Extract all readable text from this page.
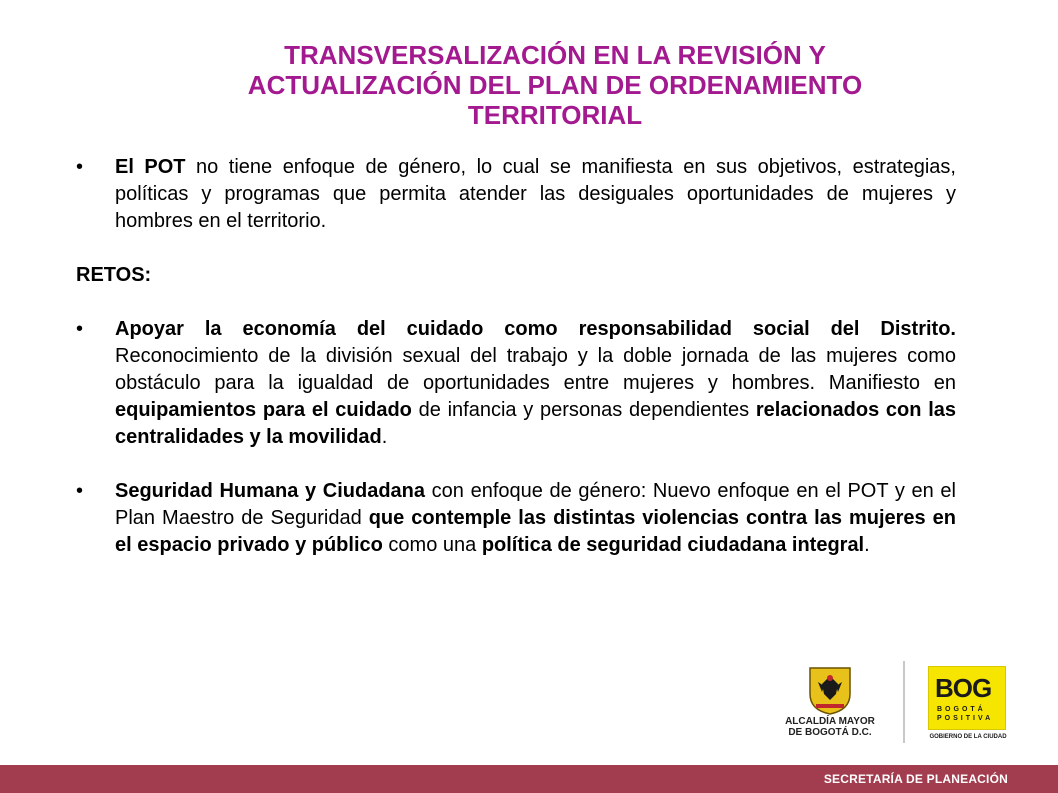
TRANSVERSALIZACIÓN EN LA REVISIÓN Y
ACTUALIZACIÓN DEL PLAN DE ORDENAMIENTO
TERRITORIAL
• El POT no tiene enfoque de género, lo cual se manifiesta en sus objetivos, estrategias, políticas y programas que permita atender las desiguales oportunidades de mujeres y hombres en el territorio.
RETOS:
• Apoyar la economía del cuidado como responsabilidad social del Distrito. Reconocimiento de la división sexual del trabajo y la doble jornada de las mujeres como obstáculo para la igualdad de oportunidades entre mujeres y hombres. Manifiesto en equipamientos para el cuidado de infancia y personas dependientes relacionados con las centralidades y la movilidad.
• Seguridad Humana y Ciudadana con enfoque de género: Nuevo enfoque en el POT y en el Plan Maestro de Seguridad que contemple las distintas violencias contra las mujeres en el espacio privado y público como una política de seguridad ciudadana integral.
ALCALDÍA MAYOR
DE BOGOTÁ D.C.
BOG
BOGOTÁ
POSITIVA
GOBIERNO DE LA CIUDAD
SECRETARÍA DE PLANEACIÓN
